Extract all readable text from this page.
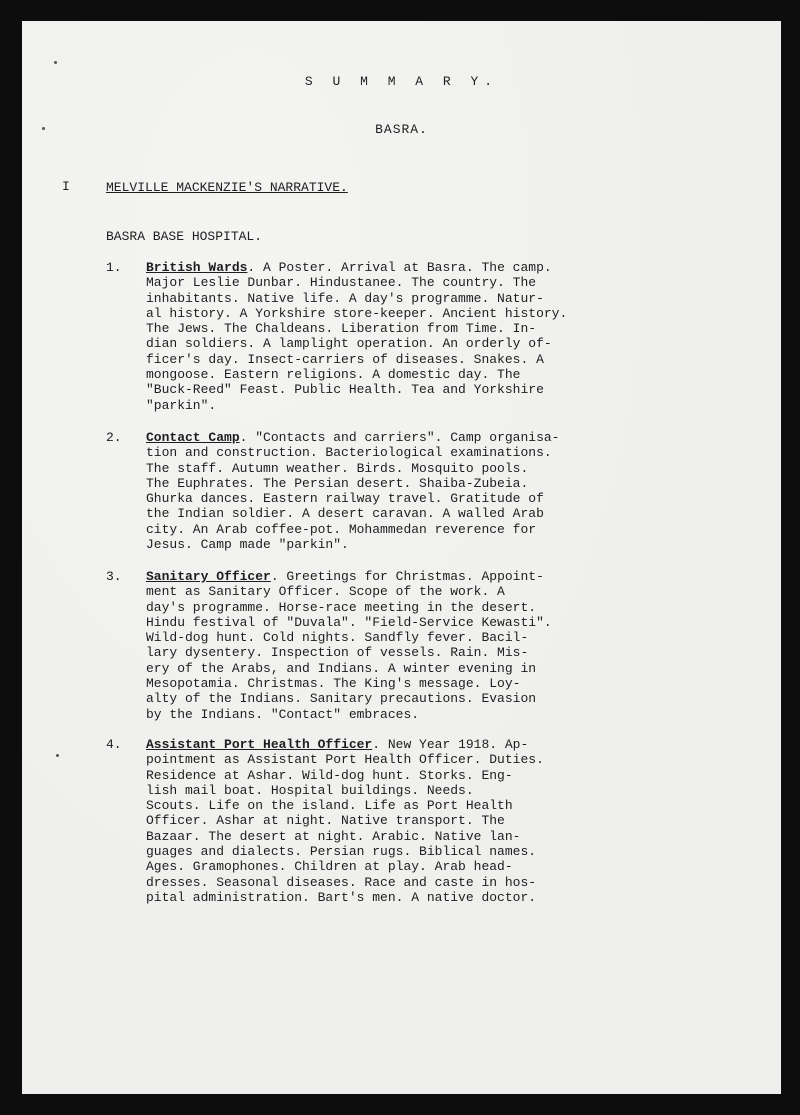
S U M M A R Y.
BASRA.
I	MELVILLE MACKENZIE'S NARRATIVE.
BASRA BASE HOSPITAL.
1. British Wards. A Poster. Arrival at Basra. The camp.
Major Leslie Dunbar. Hindustanee. The country. The
inhabitants. Native life. A day's programme. Natur-
al history. A Yorkshire store-keeper. Ancient history.
The Jews. The Chaldeans. Liberation from Time. In-
dian soldiers. A lamplight operation. An orderly of-
ficer's day. Insect-carriers of diseases. Snakes. A
mongoose. Eastern religions. A domestic day. The
"Buck-Reed" Feast. Public Health. Tea and Yorkshire
"parkin".
2. Contact Camp. "Contacts and carriers". Camp organisa-
tion and construction. Bacteriological examinations.
The staff. Autumn weather. Birds. Mosquito pools.
The Euphrates. The Persian desert. Shaiba-Zubeia.
Ghurka dances. Eastern railway travel. Gratitude of
the Indian soldier. A desert caravan. A walled Arab
city. An Arab coffee-pot. Mohammedan reverence for
Jesus. Camp made "parkin".
3. Sanitary Officer. Greetings for Christmas. Appoint-
ment as Sanitary Officer. Scope of the work. A
day's programme. Horse-race meeting in the desert.
Hindu festival of "Duvala". "Field-Service Kewasti".
Wild-dog hunt. Cold nights. Sandfly fever. Bacil-
lary dysentery. Inspection of vessels. Rain. Mis-
ery of the Arabs, and Indians. A winter evening in
Mesopotamia. Christmas. The King's message. Loy-
alty of the Indians. Sanitary precautions. Evasion
by the Indians. "Contact" embraces.
4. Assistant Port Health Officer. New Year 1918. Ap-
pointment as Assistant Port Health Officer. Duties.
Residence at Ashar. Wild-dog hunt. Storks. Eng-
lish mail boat. Hospital buildings. Needs.
Scouts. Life on the island. Life as Port Health
Officer. Ashar at night. Native transport. The
Bazaar. The desert at night. Arabic. Native lan-
guages and dialects. Persian rugs. Biblical names.
Ages. Gramophones. Children at play. Arab head-
dresses. Seasonal diseases. Race and caste in hos-
pital administration. Bart's men. A native doctor.
